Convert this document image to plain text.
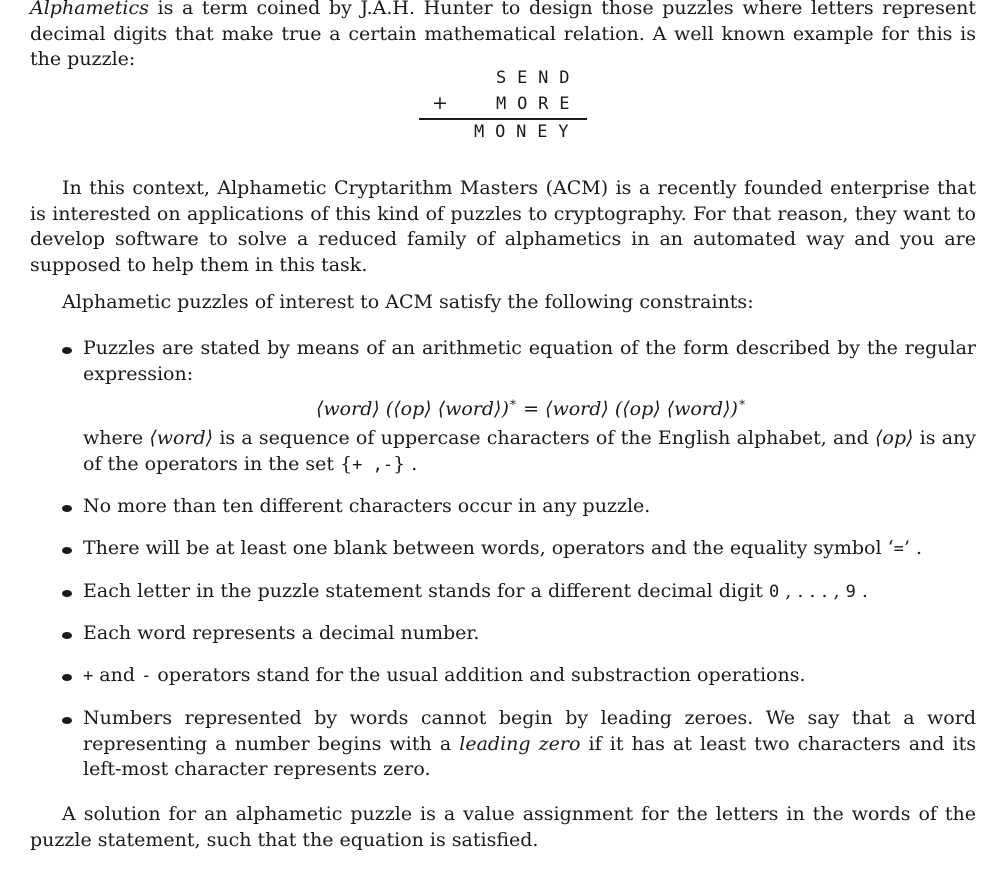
Alphametics is a term coined by J.A.H. Hunter to design those puzzles where letters represent decimal digits that make true a certain mathematical relation. A well known example for this is the puzzle:
S E N D
+	M O R E
M O N E Y
In this context, Alphametic Cryptarithm Masters (ACM) is a recently founded enterprise that is interested on applications of this kind of puzzles to cryptography. For that reason, they want to develop software to solve a reduced family of alphametics in an automated way and you are supposed to help them in this task.
Alphametic puzzles of interest to ACM satisfy the following constraints:
Puzzles are stated by means of an arithmetic equation of the form described by the regular expression:
⟨word⟩ (⟨op⟩ ⟨word⟩)∗ = ⟨word⟩ (⟨op⟩ ⟨word⟩)∗
where ⟨word⟩ is a sequence of uppercase characters of the English alphabet, and ⟨op⟩ is any of the operators in the set {+ ,-} .
No more than ten different characters occur in any puzzle.
There will be at least one blank between words, operators and the equality symbol ‘=’ .
Each letter in the puzzle statement stands for a different decimal digit 0 , . . . , 9 .
Each word represents a decimal number.
+ and - operators stand for the usual addition and substraction operations.
Numbers represented by words cannot begin by leading zeroes. We say that a word representing a number begins with a leading zero if it has at least two characters and its left-most character represents zero.
A solution for an alphametic puzzle is a value assignment for the letters in the words of the puzzle statement, such that the equation is satisfied.
